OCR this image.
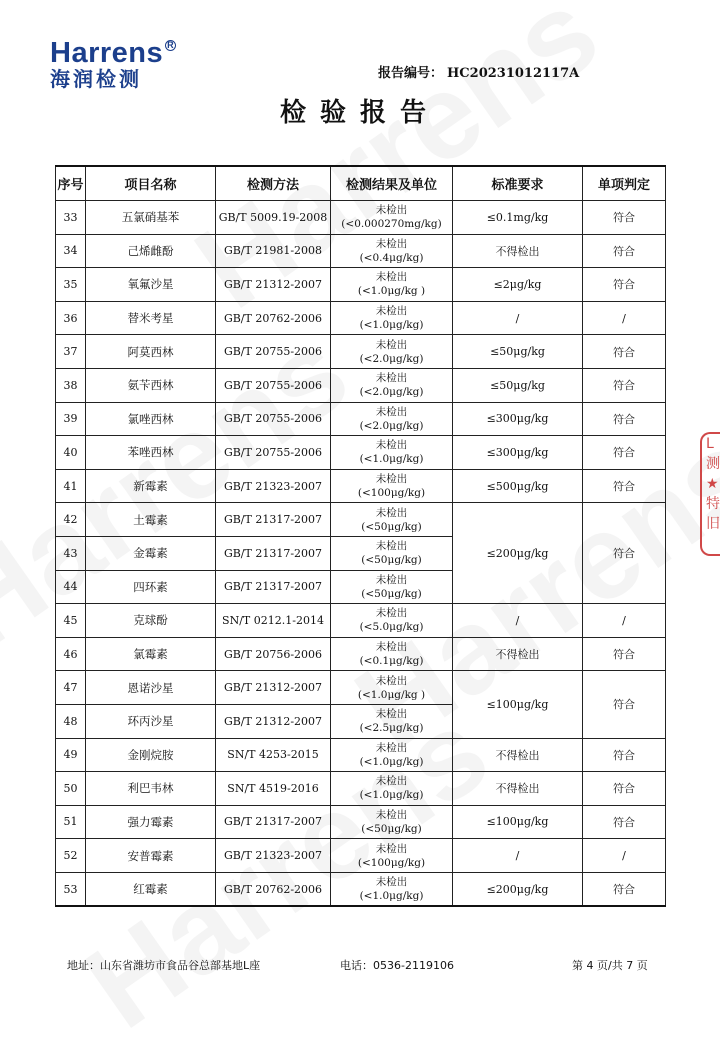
Harrens R
海润检测	报告编号： HC20231012117A
检验报告
序号	项目名称	检测方法	检测结果及单位	标准要求	单项判定
33	五氯硝基苯	GB/T 5009.19-2008	未检出
(<0.000270mg/kg)	≤0.1mg/kg	符合
34	己烯雌酚	GB/T 21981-2008	未检出
(<0.4μg/kg)	不得检出	符合
35	氧氟沙星	GB/T 21312-2007	未检出
(<1.0μg/kg )	≤2μg/kg	符合
36	替米考星	GB/T 20762-2006	未检出
(<1.0μg/kg)	/	/
37	阿莫西林	GB/T 20755-2006	未检出
(<2.0μg/kg)	≤50μg/kg	符合
38	氨苄西林	GB/T 20755-2006	未检出
(<2.0μg/kg)	≤50μg/kg	符合
39	氯唑西林	GB/T 20755-2006	未检出
(<2.0μg/kg)	≤300μg/kg	符合
40	苯唑西林	GB/T 20755-2006	未检出
(<1.0μg/kg)	≤300μg/kg	符合
41	新霉素	GB/T 21323-2007	未检出
(<100μg/kg)	≤500μg/kg	符合
42	土霉素	GB/T 21317-2007	未检出
(<50μg/kg)	≤200μg/kg	符合
43	金霉素	GB/T 21317-2007	未检出
(<50μg/kg)		

44	四环素	GB/T 21317-2007	未检出
(<50μg/kg)		

45	克球酚	SN/T 0212.1-2014	未检出
(<5.0μg/kg)	/	/
46	氯霉素	GB/T 20756-2006	未检出
(<0.1μg/kg)	不得检出	符合
47	恩诺沙星	GB/T 21312-2007	未检出
(<1.0μg/kg )	≤100μg/kg	符合
48	环丙沙星	GB/T 21312-2007	未检出
(<2.5μg/kg)		

49	金刚烷胺	SN/T 4253-2015	未检出
(<1.0μg/kg)	不得检出	符合
50	利巴韦林	SN/T 4519-2016	未检出
(<1.0μg/kg)	不得检出	符合
51	强力霉素	GB/T 21317-2007	未检出
(<50μg/kg)	≤100μg/kg	符合
52	安普霉素	GB/T 21323-2007	未检出
(<100μg/kg)	/	/
53	红霉素	GB/T 20762-2006	未检出
(<1.0μg/kg)	≤200μg/kg	符合
L
测
★
特旧
地址：山东省潍坊市食品谷总部基地L座	电话：0536-2119106	第 4 页/共 7 页
